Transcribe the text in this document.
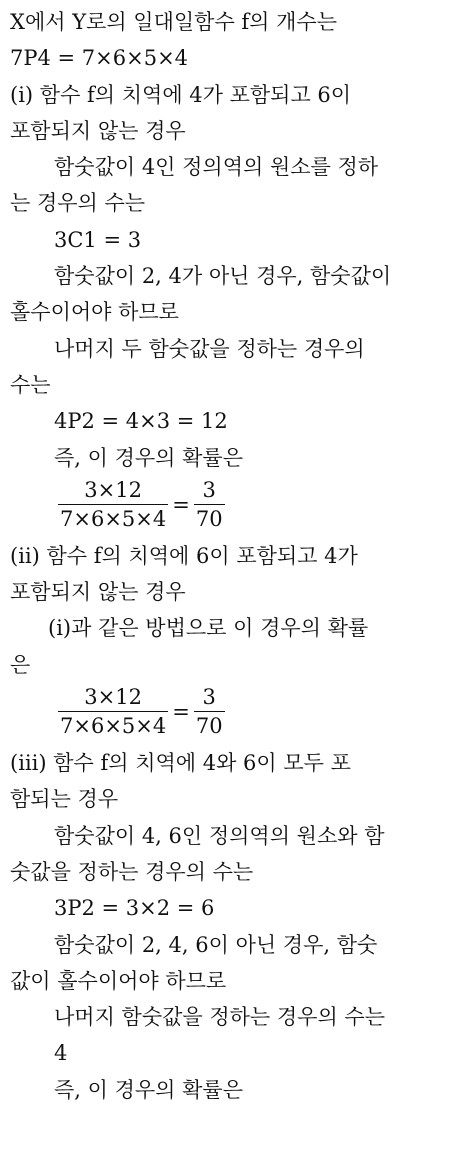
X에서 Y로의 일대일함수 f의 개수는
7P4 = 7×6×5×4
(ⅰ) 함수 f의 치역에 4가 포함되고 6이
포함되지 않는 경우
함숫값이 4인 정의역의 원소를 정하
는 경우의 수는
3C1 = 3
함숫값이 2, 4가 아닌 경우, 함숫값이
홀수이어야 하므로
나머지 두 함숫값을 정하는 경우의
수는
4P2 = 4×3 = 12
즉, 이 경우의 확률은
$\frac{3\times 12}{7\times 6\times 5\times 4} = \frac{3}{70}$
(ⅱ) 함수 f의 치역에 6이 포함되고 4가
포함되지 않는 경우
(ⅰ)과 같은 방법으로 이 경우의 확률
은
$\frac{3\times 12}{7\times 6\times 5\times 4} = \frac{3}{70}$
(ⅲ) 함수 f의 치역에 4와 6이 모두 포
함되는 경우
함숫값이 4, 6인 정의역의 원소와 함
숫값을 정하는 경우의 수는
3P2 = 3×2 = 6
함숫값이 2, 4, 6이 아닌 경우, 함숫
값이 홀수이어야 하므로
나머지 함숫값을 정하는 경우의 수는
4
즉, 이 경우의 확률은
